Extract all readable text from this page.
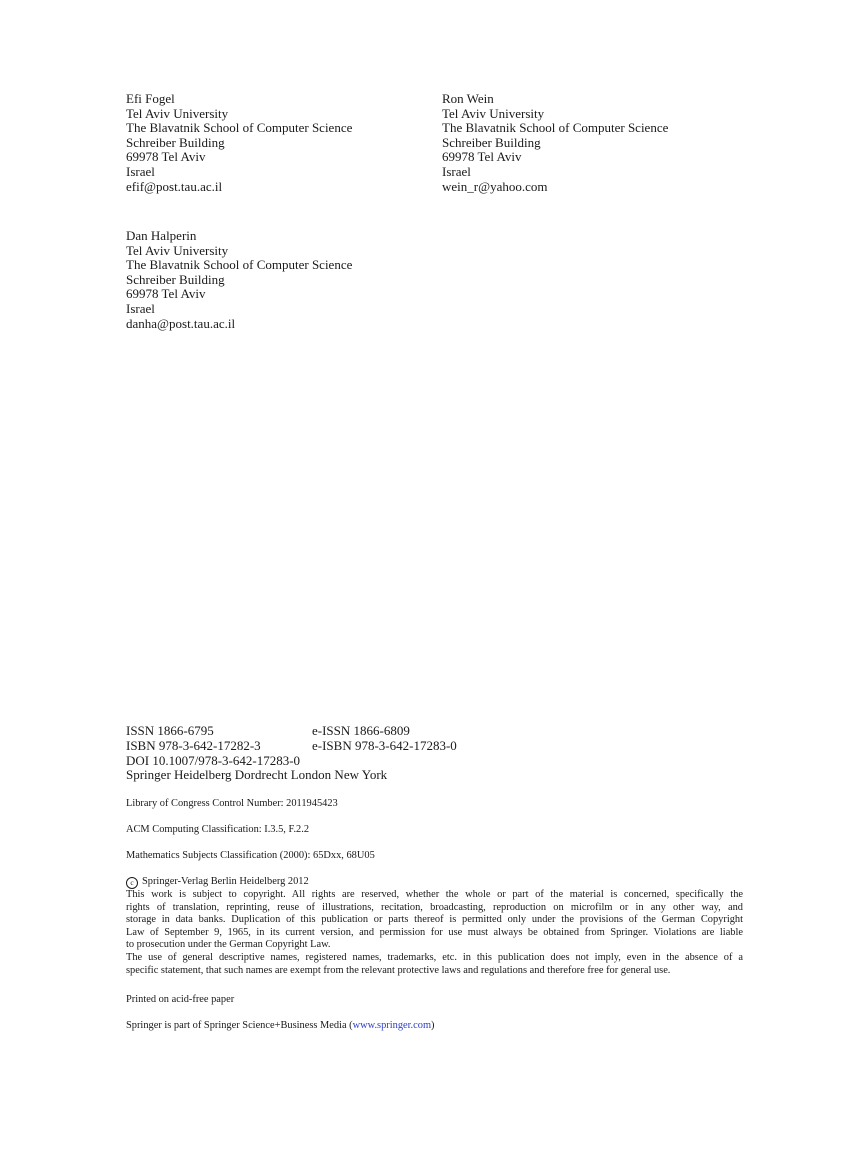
Efi Fogel
Tel Aviv University
The Blavatnik School of Computer Science
Schreiber Building
69978 Tel Aviv
Israel
efif@post.tau.ac.il
Ron Wein
Tel Aviv University
The Blavatnik School of Computer Science
Schreiber Building
69978 Tel Aviv
Israel
wein_r@yahoo.com
Dan Halperin
Tel Aviv University
The Blavatnik School of Computer Science
Schreiber Building
69978 Tel Aviv
Israel
danha@post.tau.ac.il
ISSN 1866-6795	e-ISSN 1866-6809
ISBN 978-3-642-17282-3	e-ISBN 978-3-642-17283-0
DOI 10.1007/978-3-642-17283-0
Springer Heidelberg Dordrecht London New York
Library of Congress Control Number: 2011945423
ACM Computing Classification: I.3.5, F.2.2
Mathematics Subjects Classification (2000): 65Dxx, 68U05
c Springer-Verlag Berlin Heidelberg 2012
This work is subject to copyright. All rights are reserved, whether the whole or part of the material is concerned, specifically the
rights of translation, reprinting, reuse of illustrations, recitation, broadcasting, reproduction on microfilm or in any other way, and
storage in data banks. Duplication of this publication or parts thereof is permitted only under the provisions of the German Copyright
Law of September 9, 1965, in its current version, and permission for use must always be obtained from Springer. Violations are liable
to prosecution under the German Copyright Law.
The use of general descriptive names, registered names, trademarks, etc. in this publication does not imply, even in the absence of a
specific statement, that such names are exempt from the relevant protective laws and regulations and therefore free for general use.
Printed on acid-free paper
Springer is part of Springer Science+Business Media (www.springer.com)
